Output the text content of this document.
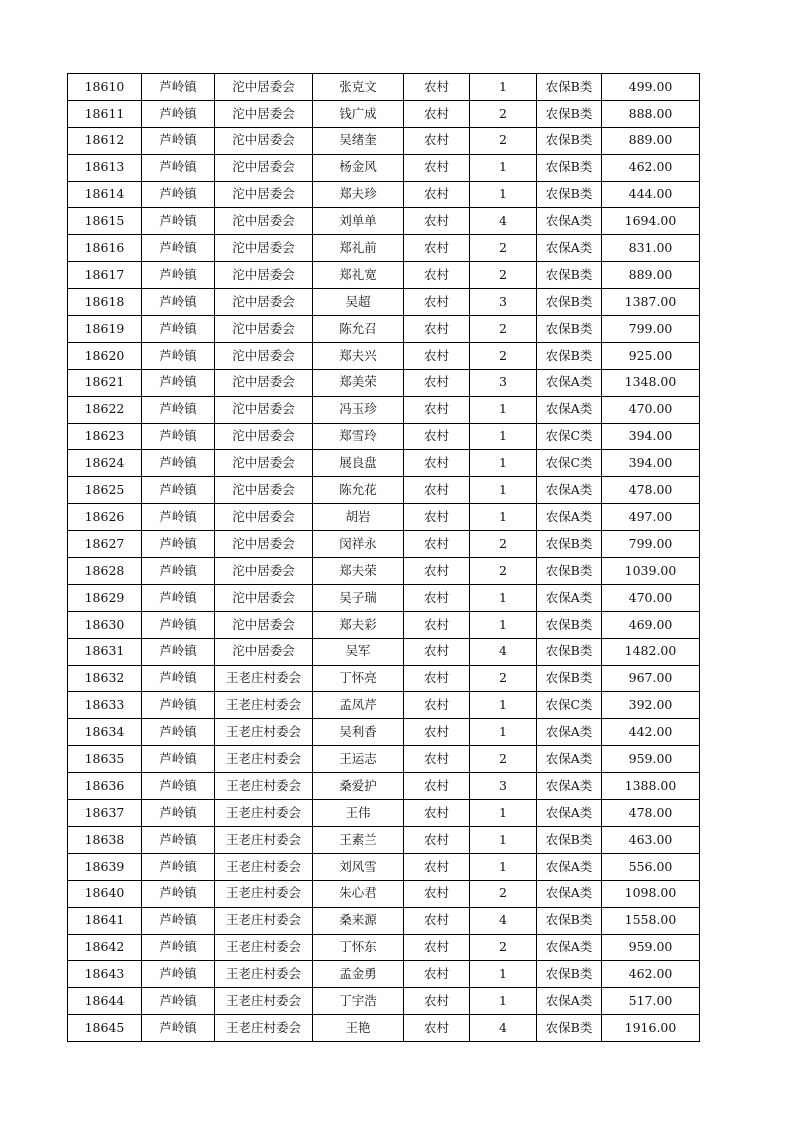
18610	芦岭镇	沱中居委会	张克文	农村	1	农保B类	499.00
18611	芦岭镇	沱中居委会	钱广成	农村	2	农保B类	888.00
18612	芦岭镇	沱中居委会	吴绪奎	农村	2	农保B类	889.00
18613	芦岭镇	沱中居委会	杨金风	农村	1	农保B类	462.00
18614	芦岭镇	沱中居委会	郑夫珍	农村	1	农保B类	444.00
18615	芦岭镇	沱中居委会	刘单单	农村	4	农保A类	1694.00
18616	芦岭镇	沱中居委会	郑礼前	农村	2	农保A类	831.00
18617	芦岭镇	沱中居委会	郑礼宽	农村	2	农保B类	889.00
18618	芦岭镇	沱中居委会	吴超	农村	3	农保B类	1387.00
18619	芦岭镇	沱中居委会	陈允召	农村	2	农保B类	799.00
18620	芦岭镇	沱中居委会	郑夫兴	农村	2	农保B类	925.00
18621	芦岭镇	沱中居委会	郑美荣	农村	3	农保A类	1348.00
18622	芦岭镇	沱中居委会	冯玉珍	农村	1	农保A类	470.00
18623	芦岭镇	沱中居委会	郑雪玲	农村	1	农保C类	394.00
18624	芦岭镇	沱中居委会	展良盘	农村	1	农保C类	394.00
18625	芦岭镇	沱中居委会	陈允花	农村	1	农保A类	478.00
18626	芦岭镇	沱中居委会	胡岩	农村	1	农保A类	497.00
18627	芦岭镇	沱中居委会	闵祥永	农村	2	农保B类	799.00
18628	芦岭镇	沱中居委会	郑夫荣	农村	2	农保B类	1039.00
18629	芦岭镇	沱中居委会	吴子瑞	农村	1	农保A类	470.00
18630	芦岭镇	沱中居委会	郑夫彩	农村	1	农保B类	469.00
18631	芦岭镇	沱中居委会	吴军	农村	4	农保B类	1482.00
18632	芦岭镇	王老庄村委会	丁怀亮	农村	2	农保B类	967.00
18633	芦岭镇	王老庄村委会	孟凤芹	农村	1	农保C类	392.00
18634	芦岭镇	王老庄村委会	吴利香	农村	1	农保A类	442.00
18635	芦岭镇	王老庄村委会	王运志	农村	2	农保A类	959.00
18636	芦岭镇	王老庄村委会	桑爱护	农村	3	农保A类	1388.00
18637	芦岭镇	王老庄村委会	王伟	农村	1	农保A类	478.00
18638	芦岭镇	王老庄村委会	王素兰	农村	1	农保B类	463.00
18639	芦岭镇	王老庄村委会	刘风雪	农村	1	农保A类	556.00
18640	芦岭镇	王老庄村委会	朱心君	农村	2	农保A类	1098.00
18641	芦岭镇	王老庄村委会	桑来源	农村	4	农保B类	1558.00
18642	芦岭镇	王老庄村委会	丁怀东	农村	2	农保A类	959.00
18643	芦岭镇	王老庄村委会	孟金勇	农村	1	农保B类	462.00
18644	芦岭镇	王老庄村委会	丁宇浩	农村	1	农保A类	517.00
18645	芦岭镇	王老庄村委会	王艳	农村	4	农保B类	1916.00
